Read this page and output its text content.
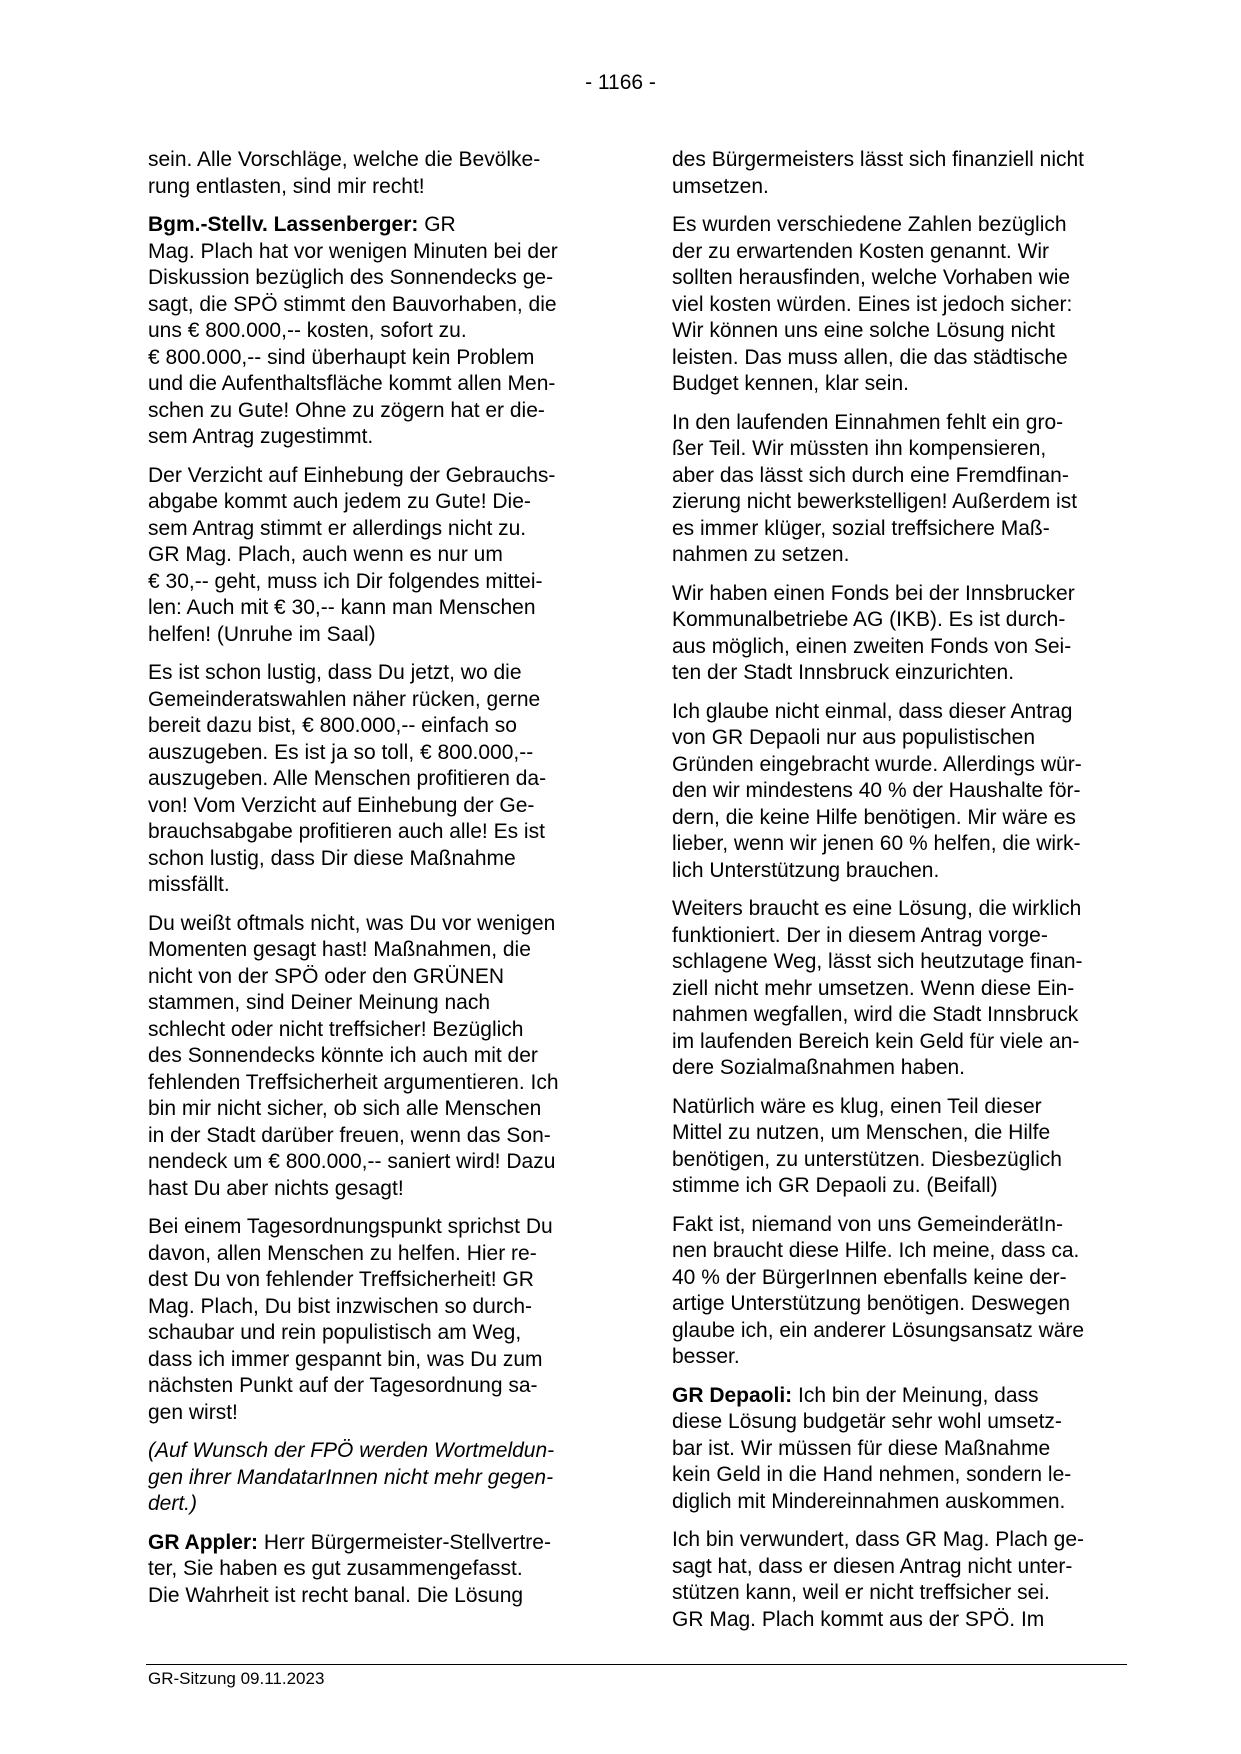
- 1166 -

sein. Alle Vorschläge, welche die Bevölke-
rung entlasten, sind mir recht!

Bgm.-Stellv. Lassenberger: GR
Mag. Plach hat vor wenigen Minuten bei der
Diskussion bezüglich des Sonnendecks ge-
sagt, die SPÖ stimmt den Bauvorhaben, die
uns € 800.000,-- kosten, sofort zu.
€ 800.000,-- sind überhaupt kein Problem
und die Aufenthaltsfläche kommt allen Men-
schen zu Gute! Ohne zu zögern hat er die-
sem Antrag zugestimmt.

Der Verzicht auf Einhebung der Gebrauchs-
abgabe kommt auch jedem zu Gute! Die-
sem Antrag stimmt er allerdings nicht zu.
GR Mag. Plach, auch wenn es nur um
€ 30,-- geht, muss ich Dir folgendes mittei-
len: Auch mit € 30,-- kann man Menschen
helfen! (Unruhe im Saal)

Es ist schon lustig, dass Du jetzt, wo die
Gemeinderatswahlen näher rücken, gerne
bereit dazu bist, € 800.000,-- einfach so
auszugeben. Es ist ja so toll, € 800.000,--
auszugeben. Alle Menschen profitieren da-
von! Vom Verzicht auf Einhebung der Ge-
brauchsabgabe profitieren auch alle! Es ist
schon lustig, dass Dir diese Maßnahme
missfällt.

Du weißt oftmals nicht, was Du vor wenigen
Momenten gesagt hast! Maßnahmen, die
nicht von der SPÖ oder den GRÜNEN
stammen, sind Deiner Meinung nach
schlecht oder nicht treffsicher! Bezüglich
des Sonnendecks könnte ich auch mit der
fehlenden Treffsicherheit argumentieren. Ich
bin mir nicht sicher, ob sich alle Menschen
in der Stadt darüber freuen, wenn das Son-
nendeck um € 800.000,-- saniert wird! Dazu
hast Du aber nichts gesagt!

Bei einem Tagesordnungspunkt sprichst Du
davon, allen Menschen zu helfen. Hier re-
dest Du von fehlender Treffsicherheit! GR
Mag. Plach, Du bist inzwischen so durch-
schaubar und rein populistisch am Weg,
dass ich immer gespannt bin, was Du zum
nächsten Punkt auf der Tagesordnung sa-
gen wirst!

(Auf Wunsch der FPÖ werden Wortmeldun-
gen ihrer MandatarInnen nicht mehr gegen-
dert.)

GR Appler: Herr Bürgermeister-Stellvertre-
ter, Sie haben es gut zusammengefasst.
Die Wahrheit ist recht banal. Die Lösung

des Bürgermeisters lässt sich finanziell nicht
umsetzen.

Es wurden verschiedene Zahlen bezüglich
der zu erwartenden Kosten genannt. Wir
sollten herausfinden, welche Vorhaben wie
viel kosten würden. Eines ist jedoch sicher:
Wir können uns eine solche Lösung nicht
leisten. Das muss allen, die das städtische
Budget kennen, klar sein.

In den laufenden Einnahmen fehlt ein gro-
ßer Teil. Wir müssten ihn kompensieren,
aber das lässt sich durch eine Fremdfinan-
zierung nicht bewerkstelligen! Außerdem ist
es immer klüger, sozial treffsichere Maß-
nahmen zu setzen.

Wir haben einen Fonds bei der Innsbrucker
Kommunalbetriebe AG (IKB). Es ist durch-
aus möglich, einen zweiten Fonds von Sei-
ten der Stadt Innsbruck einzurichten.

Ich glaube nicht einmal, dass dieser Antrag
von GR Depaoli nur aus populistischen
Gründen eingebracht wurde. Allerdings wür-
den wir mindestens 40 % der Haushalte för-
dern, die keine Hilfe benötigen. Mir wäre es
lieber, wenn wir jenen 60 % helfen, die wirk-
lich Unterstützung brauchen.

Weiters braucht es eine Lösung, die wirklich
funktioniert. Der in diesem Antrag vorge-
schlagene Weg, lässt sich heutzutage finan-
ziell nicht mehr umsetzen. Wenn diese Ein-
nahmen wegfallen, wird die Stadt Innsbruck
im laufenden Bereich kein Geld für viele an-
dere Sozialmaßnahmen haben.

Natürlich wäre es klug, einen Teil dieser
Mittel zu nutzen, um Menschen, die Hilfe
benötigen, zu unterstützen. Diesbezüglich
stimme ich GR Depaoli zu. (Beifall)

Fakt ist, niemand von uns GemeinderätIn-
nen braucht diese Hilfe. Ich meine, dass ca.
40 % der BürgerInnen ebenfalls keine der-
artige Unterstützung benötigen. Deswegen
glaube ich, ein anderer Lösungsansatz wäre
besser.

GR Depaoli: Ich bin der Meinung, dass
diese Lösung budgetär sehr wohl umsetz-
bar ist. Wir müssen für diese Maßnahme
kein Geld in die Hand nehmen, sondern le-
diglich mit Mindereinnahmen auskommen.

Ich bin verwundert, dass GR Mag. Plach ge-
sagt hat, dass er diesen Antrag nicht unter-
stützen kann, weil er nicht treffsicher sei.
GR Mag. Plach kommt aus der SPÖ. Im

GR-Sitzung 09.11.2023
